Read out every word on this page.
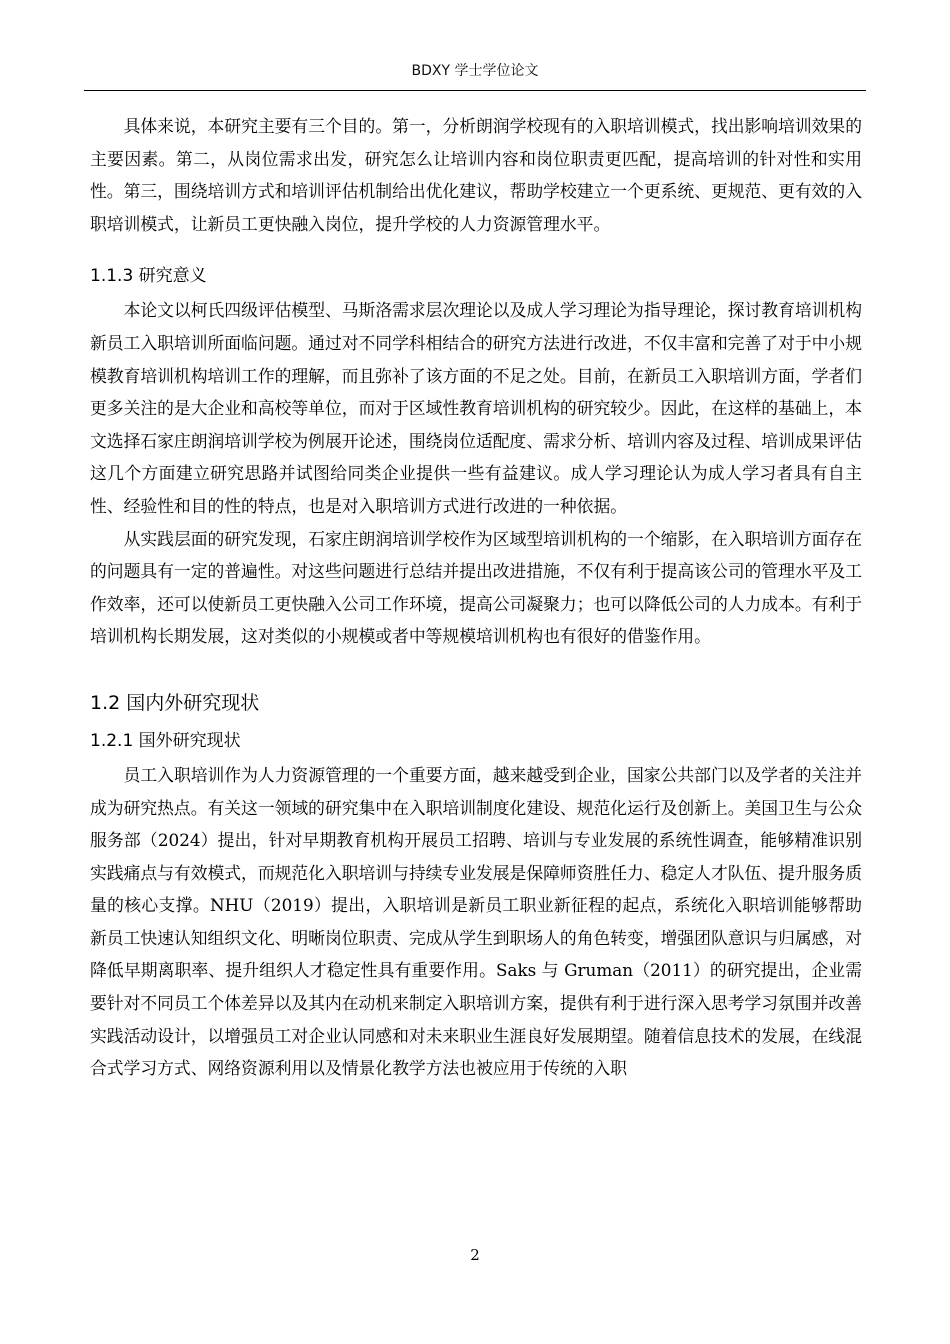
BDXY 学士学位论文

具体来说，本研究主要有三个目的。第一，分析朗润学校现有的入职培训模式，找出影响培训效果的主要因素。第二，从岗位需求出发，研究怎么让培训内容和岗位职责更匹配，提高培训的针对性和实用性。第三，围绕培训方式和培训评估机制给出优化建议，帮助学校建立一个更系统、更规范、更有效的入职培训模式，让新员工更快融入岗位，提升学校的人力资源管理水平。

1.1.3 研究意义

本论文以柯氏四级评估模型、马斯洛需求层次理论以及成人学习理论为指导理论，探讨教育培训机构新员工入职培训所面临问题。通过对不同学科相结合的研究方法进行改进，不仅丰富和完善了对于中小规模教育培训机构培训工作的理解，而且弥补了该方面的不足之处。目前，在新员工入职培训方面，学者们更多关注的是大企业和高校等单位，而对于区域性教育培训机构的研究较少。因此，在这样的基础上，本文选择石家庄朗润培训学校为例展开论述，围绕岗位适配度、需求分析、培训内容及过程、培训成果评估这几个方面建立研究思路并试图给同类企业提供一些有益建议。成人学习理论认为成人学习者具有自主性、经验性和目的性的特点，也是对入职培训方式进行改进的一种依据。

从实践层面的研究发现，石家庄朗润培训学校作为区域型培训机构的一个缩影，在入职培训方面存在的问题具有一定的普遍性。对这些问题进行总结并提出改进措施，不仅有利于提高该公司的管理水平及工作效率，还可以使新员工更快融入公司工作环境，提高公司凝聚力；也可以降低公司的人力成本。有利于培训机构长期发展，这对类似的小规模或者中等规模培训机构也有很好的借鉴作用。

1.2 国内外研究现状
1.2.1 国外研究现状

员工入职培训作为人力资源管理的一个重要方面，越来越受到企业，国家公共部门以及学者的关注并成为研究热点。有关这一领域的研究集中在入职培训制度化建设、规范化运行及创新上。美国卫生与公众服务部（2024）提出，针对早期教育机构开展员工招聘、培训与专业发展的系统性调查，能够精准识别实践痛点与有效模式，而规范化入职培训与持续专业发展是保障师资胜任力、稳定人才队伍、提升服务质量的核心支撑。NHU（2019）提出，入职培训是新员工职业新征程的起点，系统化入职培训能够帮助新员工快速认知组织文化、明晰岗位职责、完成从学生到职场人的角色转变，增强团队意识与归属感，对降低早期离职率、提升组织人才稳定性具有重要作用。Saks 与 Gruman（2011）的研究提出，企业需要针对不同员工个体差异以及其内在动机来制定入职培训方案，提供有利于进行深入思考学习氛围并改善实践活动设计，以增强员工对企业认同感和对未来职业生涯良好发展期望。随着信息技术的发展，在线混合式学习方式、网络资源利用以及情景化教学方法也被应用于传统的入职

2
